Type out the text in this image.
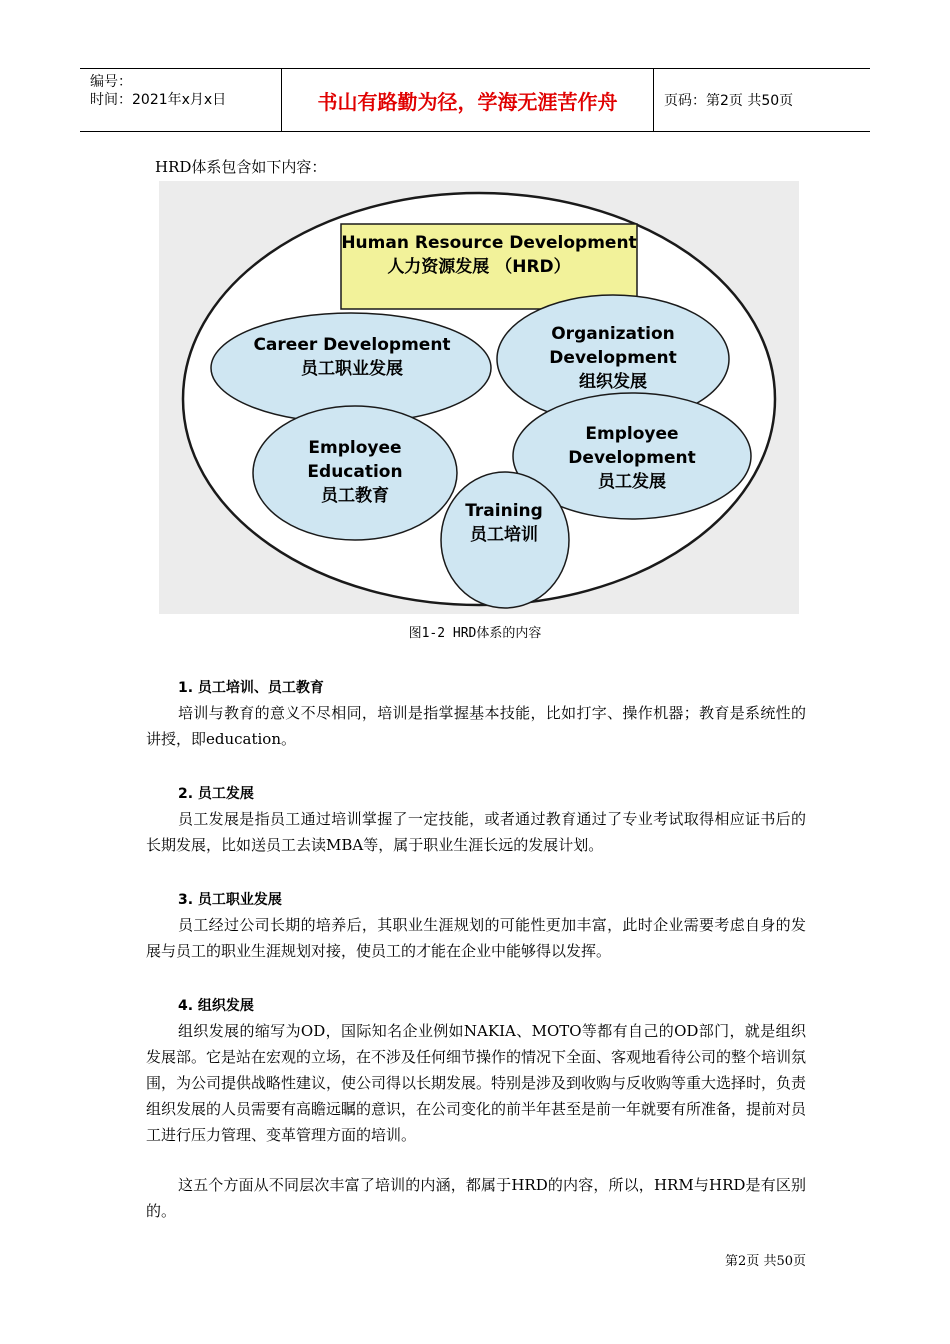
编号：
时间：2021年x月x日	书山有路勤为径，学海无涯苦作舟	页码：第2页 共50页
HRD体系包含如下内容：
Human Resource Development
人力资源发展 （HRD）
Career Development
员工职业发展
Organization
Development
组织发展
Employee
Education
员工教育
Employee
Development
员工发展
Training
员工培训
图1-2 HRD体系的内容
1. 员工培训、员工教育
培训与教育的意义不尽相同，培训是指掌握基本技能，比如打字、操作机器；教育是系统性的讲授，即education。
2. 员工发展
员工发展是指员工通过培训掌握了一定技能，或者通过教育通过了专业考试取得相应证书后的长期发展，比如送员工去读MBA等，属于职业生涯长远的发展计划。
3. 员工职业发展
员工经过公司长期的培养后，其职业生涯规划的可能性更加丰富，此时企业需要考虑自身的发展与员工的职业生涯规划对接，使员工的才能在企业中能够得以发挥。
4. 组织发展
组织发展的缩写为OD，国际知名企业例如NAKIA、MOTO等都有自己的OD部门，就是组织发展部。它是站在宏观的立场，在不涉及任何细节操作的情况下全面、客观地看待公司的整个培训氛围，为公司提供战略性建议，使公司得以长期发展。特别是涉及到收购与反收购等重大选择时，负责组织发展的人员需要有高瞻远瞩的意识，在公司变化的前半年甚至是前一年就要有所准备，提前对员工进行压力管理、变革管理方面的培训。
这五个方面从不同层次丰富了培训的内涵，都属于HRD的内容，所以，HRM与HRD是有区别的。
第2页 共50页
